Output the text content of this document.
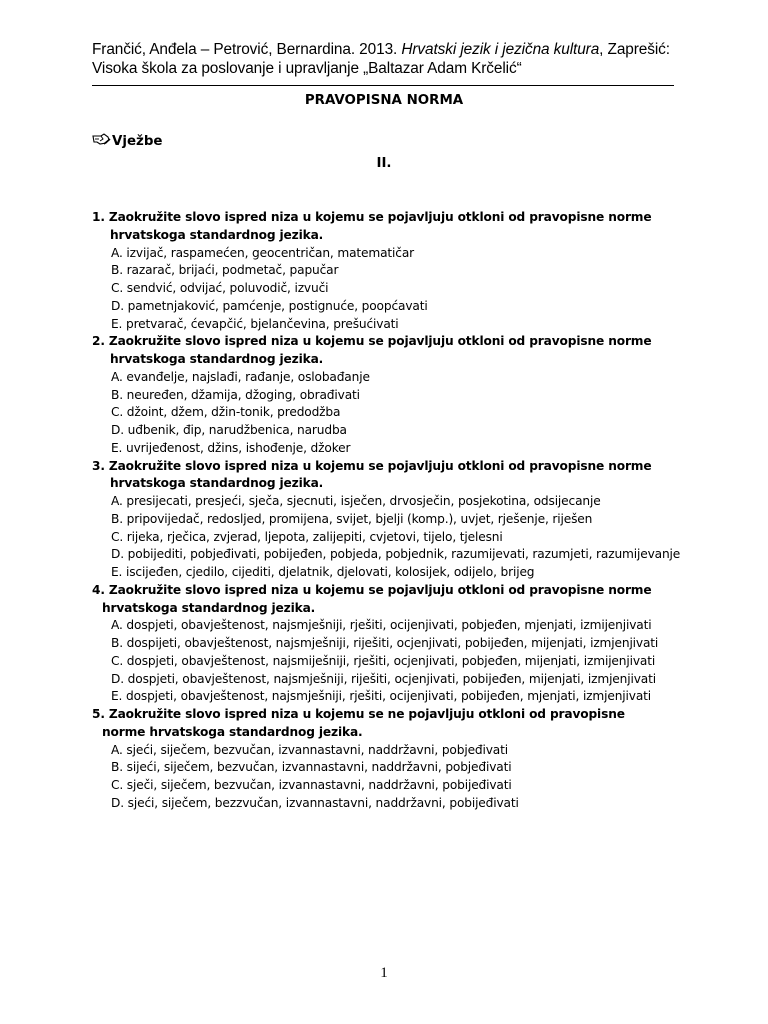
Frančić, Anđela – Petrović, Bernardina. 2013. Hrvatski jezik i jezična kultura, Zaprešić: Visoka škola za poslovanje i upravljanje „Baltazar Adam Krčelić“
PRAVOPISNA NORMA
Vježbe
II.
1. Zaokružite slovo ispred niza u kojemu se pojavljuju otkloni od pravopisne norme hrvatskoga standardnog jezika.
A. izvijač, raspamećen, geocentričan, matematičar
B. razarač, brijaći, podmetač, papučar
C. sendvić, odvijać, poluvodič, izvuči
D. pametnjaković, pamćenje, postignuće, poopćavati
E. pretvarač, ćevapčić, bjelančevina, prešućivati
2. Zaokružite slovo ispred niza u kojemu se pojavljuju otkloni od pravopisne norme hrvatskoga standardnog jezika.
A. evanđelje, najslađi, rađanje, oslobađanje
B. neuređen, džamija, džoging, obrađivati
C. džoint, džem, džin-tonik, predodžba
D. uđbenik, đip, narudžbenica, narudba
E. uvrijeđenost, džins, ishođenje, džoker
3. Zaokružite slovo ispred niza u kojemu se pojavljuju otkloni od pravopisne norme hrvatskoga standardnog jezika.
A. presijecati, presjeći, sječa, sjecnuti, isječen, drvosječin, posjekotina, odsijecanje
B. pripovijedač, redosljed, promijena, svijet, bjelji (komp.), uvjet, rješenje, riješen
C. rijeka, rječica, zvjerad, ljepota, zalijepiti, cvjetovi, tijelo, tjelesni
D. pobijediti, pobjeđivati, pobijeđen, pobjeda, pobjednik, razumijevati, razumjeti, razumijevanje
E. iscijeđen, cjedilo, cijediti, djelatnik, djelovati, kolosijek, odijelo, brijeg
4. Zaokružite slovo ispred niza u kojemu se pojavljuju otkloni od pravopisne norme hrvatskoga standardnog jezika.
A. dospjeti, obavještenost, najsmješniji, rješiti, ocijenjivati, pobjeđen, mjenjati, izmijenjivati
B. dospijeti, obavještenost, najsmješniji, riješiti, ocjenjivati, pobijeđen, mijenjati, izmjenjivati
C. dospjeti, obavještenost, najsmiješniji, rješiti, ocjenjivati, pobjeđen, mijenjati, izmijenjivati
D. dospjeti, obavještenost, najsmješniji, riješiti, ocjenjivati, pobijeđen, mijenjati, izmjenjivati
E. dospjeti, obavještenost, najsmješniji, rješiti, ocijenjivati, pobijeđen, mjenjati, izmjenjivati
5. Zaokružite slovo ispred niza u kojemu se ne pojavljuju otkloni od pravopisne norme hrvatskoga standardnog jezika.
A. sjeći, siječem, bezvučan, izvannastavni, naddržavni, pobjeđivati
B. sijeći, siječem, bezvučan, izvannastavni, naddržavni, pobjeđivati
C. sječi, siječem, bezvučan, izvannastavni, naddržavni, pobijeđivati
D. sjeći, siječem, bezzvučan, izvannastavni, naddržavni, pobijeđivati
1
